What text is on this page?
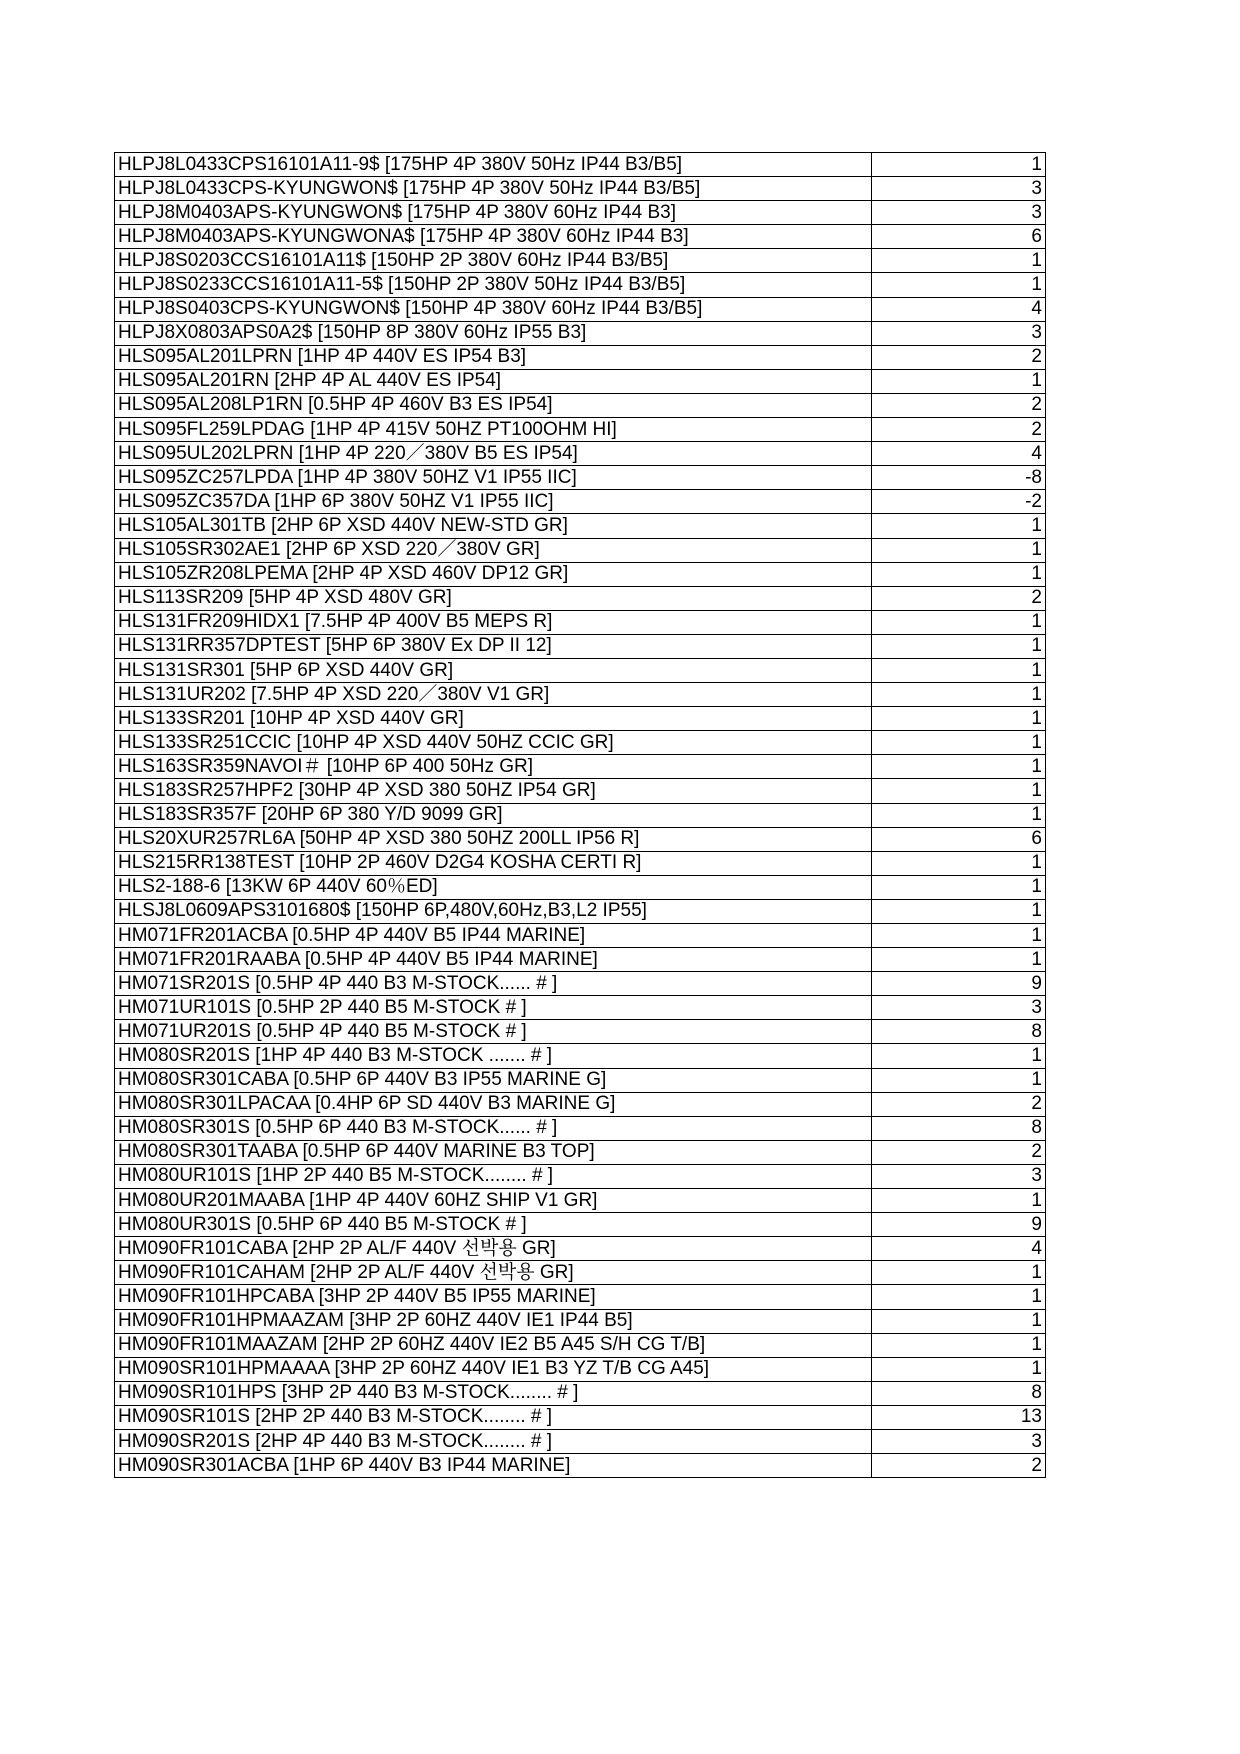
HLPJ8L0433CPS16101A11-9$ [175HP 4P 380V 50Hz IP44 B3/B5]	1
HLPJ8L0433CPS-KYUNGWON$ [175HP 4P 380V 50Hz IP44 B3/B5]	3
HLPJ8M0403APS-KYUNGWON$ [175HP 4P 380V 60Hz IP44 B3]	3
HLPJ8M0403APS-KYUNGWONA$ [175HP 4P 380V 60Hz IP44 B3]	6
HLPJ8S0203CCS16101A11$ [150HP 2P 380V 60Hz IP44 B3/B5]	1
HLPJ8S0233CCS16101A11-5$ [150HP 2P 380V 50Hz IP44 B3/B5]	1
HLPJ8S0403CPS-KYUNGWON$ [150HP 4P 380V 60Hz IP44 B3/B5]	4
HLPJ8X0803APS0A2$ [150HP 8P 380V 60Hz IP55 B3]	3
HLS095AL201LPRN [1HP 4P 440V ES IP54 B3]	2
HLS095AL201RN [2HP 4P AL 440V ES IP54]	1
HLS095AL208LP1RN [0.5HP 4P 460V B3 ES IP54]	2
HLS095FL259LPDAG [1HP 4P 415V 50HZ PT100OHM HI]	2
HLS095UL202LPRN [1HP 4P 220／380V B5 ES IP54]	4
HLS095ZC257LPDA [1HP 4P 380V 50HZ V1 IP55 IIC]	-8
HLS095ZC357DA [1HP 6P 380V 50HZ V1 IP55 IIC]	-2
HLS105AL301TB [2HP 6P XSD 440V NEW-STD GR]	1
HLS105SR302AE1 [2HP 6P XSD 220／380V GR]	1
HLS105ZR208LPEMA [2HP 4P XSD 460V DP12 GR]	1
HLS113SR209 [5HP 4P XSD 480V GR]	2
HLS131FR209HIDX1 [7.5HP 4P 400V B5 MEPS R]	1
HLS131RR357DPTEST [5HP 6P 380V Ex DP II 12]	1
HLS131SR301 [5HP 6P XSD 440V GR]	1
HLS131UR202 [7.5HP 4P XSD 220／380V V1 GR]	1
HLS133SR201 [10HP 4P XSD 440V GR]	1
HLS133SR251CCIC [10HP 4P XSD 440V 50HZ CCIC GR]	1
HLS163SR359NAVOI＃ [10HP 6P 400 50Hz GR]	1
HLS183SR257HPF2 [30HP 4P XSD 380 50HZ IP54 GR]	1
HLS183SR357F [20HP 6P 380 Y/D 9099 GR]	1
HLS20XUR257RL6A [50HP 4P XSD 380 50HZ 200LL IP56 R]	6
HLS215RR138TEST [10HP 2P 460V D2G4 KOSHA CERTI R]	1
HLS2-188-6 [13KW 6P 440V 60％ED]	1
HLSJ8L0609APS3101680$ [150HP 6P,480V,60Hz,B3,L2 IP55]	1
HM071FR201ACBA [0.5HP 4P 440V B5 IP44 MARINE]	1
HM071FR201RAABA [0.5HP 4P 440V B5 IP44 MARINE]	1
HM071SR201S [0.5HP 4P 440 B3 M-STOCK...... # ]	9
HM071UR101S [0.5HP 2P 440 B5 M-STOCK # ]	3
HM071UR201S [0.5HP 4P 440 B5 M-STOCK # ]	8
HM080SR201S [1HP 4P 440 B3 M-STOCK ....... # ]	1
HM080SR301CABA [0.5HP 6P 440V B3 IP55 MARINE G]	1
HM080SR301LPACAA [0.4HP 6P SD 440V B3 MARINE G]	2
HM080SR301S [0.5HP 6P 440 B3 M-STOCK...... # ]	8
HM080SR301TAABA [0.5HP 6P 440V MARINE B3 TOP]	2
HM080UR101S [1HP 2P 440 B5 M-STOCK........ # ]	3
HM080UR201MAABA [1HP 4P 440V 60HZ SHIP V1 GR]	1
HM080UR301S [0.5HP 6P 440 B5 M-STOCK # ]	9
HM090FR101CABA [2HP 2P AL/F 440V 선박용 GR]	4
HM090FR101CAHAM [2HP 2P AL/F 440V 선박용 GR]	1
HM090FR101HPCABA [3HP 2P 440V B5 IP55 MARINE]	1
HM090FR101HPMAAZAM [3HP 2P 60HZ 440V IE1 IP44 B5]	1
HM090FR101MAAZAM [2HP 2P 60HZ 440V IE2 B5 A45 S/H CG T/B]	1
HM090SR101HPMAAAA [3HP 2P 60HZ 440V IE1 B3 YZ T/B CG A45]	1
HM090SR101HPS [3HP 2P 440 B3 M-STOCK........ # ]	8
HM090SR101S [2HP 2P 440 B3 M-STOCK........ # ]	13
HM090SR201S [2HP 4P 440 B3 M-STOCK........ # ]	3
HM090SR301ACBA [1HP 6P 440V B3 IP44 MARINE]	2
